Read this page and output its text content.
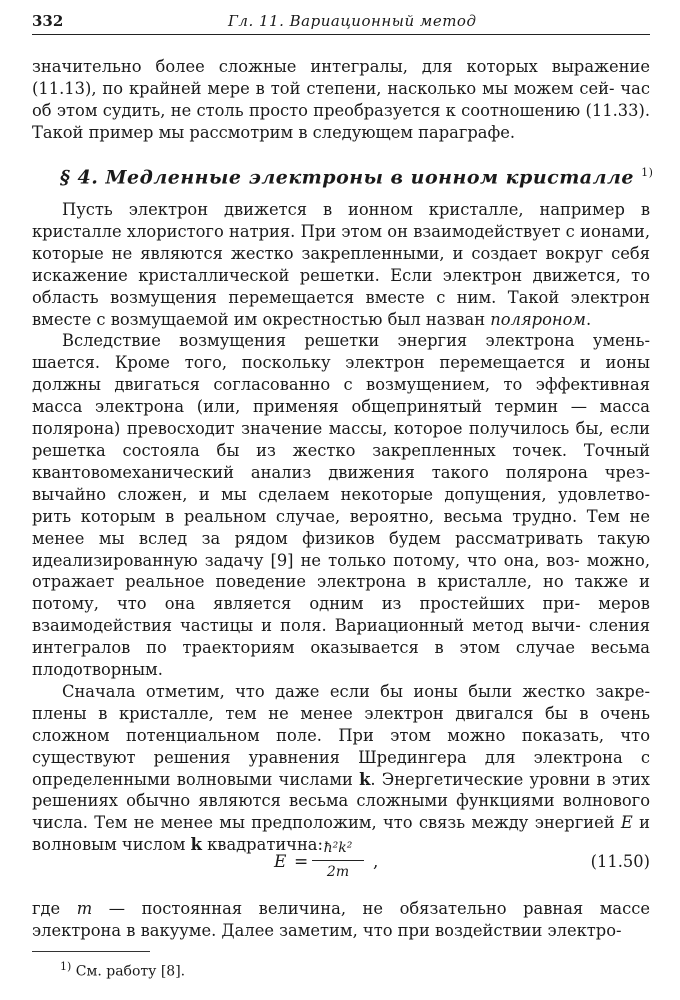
332	Гл. 11. Вариационный метод

значительно более сложные интегралы, для которых выражение (11.13), по крайней мере в той степени, насколько мы можем сей- час об этом судить, не столь просто преобразуется к соотношению (11.33). Такой пример мы рассмотрим в следующем параграфе.

§ 4. Медленные электроны в ионном кристалле $^{1)}$

Пусть электрон движется в ионном кристалле, например в кристалле хлористого натрия. При этом он взаимодействует с ионами, которые не являются жестко закрепленными, и создает вокруг себя искажение кристаллической решетки. Если электрон движется, то область возмущения перемещается вместе с ним. Такой электрон вместе с возмущаемой им окрестностью был назван поляроном.

Вследствие возмущения решетки энергия электрона умень- шается. Кроме того, поскольку электрон перемещается и ионы должны двигаться согласованно с возмущением, то эффективная масса электрона (или, применяя общепринятый термин — масса полярона) превосходит значение массы, которое получилось бы, если решетка состояла бы из жестко закрепленных точек. Точный квантовомеханический анализ движения такого полярона чрез- вычайно сложен, и мы сделаем некоторые допущения, удовлетво- рить которым в реальном случае, вероятно, весьма трудно. Тем не менее мы вслед за рядом физиков будем рассматривать такую идеализированную задачу [9] не только потому, что она, воз- можно, отражает реальное поведение электрона в кристалле, но также и потому, что она является одним из простейших при- меров взаимодействия частицы и поля. Вариационный метод вычи- сления интегралов по траекториям оказывается в этом случае весьма плодотворным.

Сначала отметим, что даже если бы ионы были жестко закре- плены в кристалле, тем не менее электрон двигался бы в очень сложном потенциальном поле. При этом можно показать, что существуют решения уравнения Шредингера для электрона с определенными волновыми числами k. Энергетические уровни в этих решениях обычно являются весьма сложными функциями волнового числа. Тем не менее мы предположим, что связь между энергией E и волновым числом k квадратична:

E =
ħ²k²
2m	,	(11.50)

где m — постоянная величина, не обязательно равная массе электрона в вакууме. Далее заметим, что при воздействии электро-

$^{1)}$ См. работу [8].
